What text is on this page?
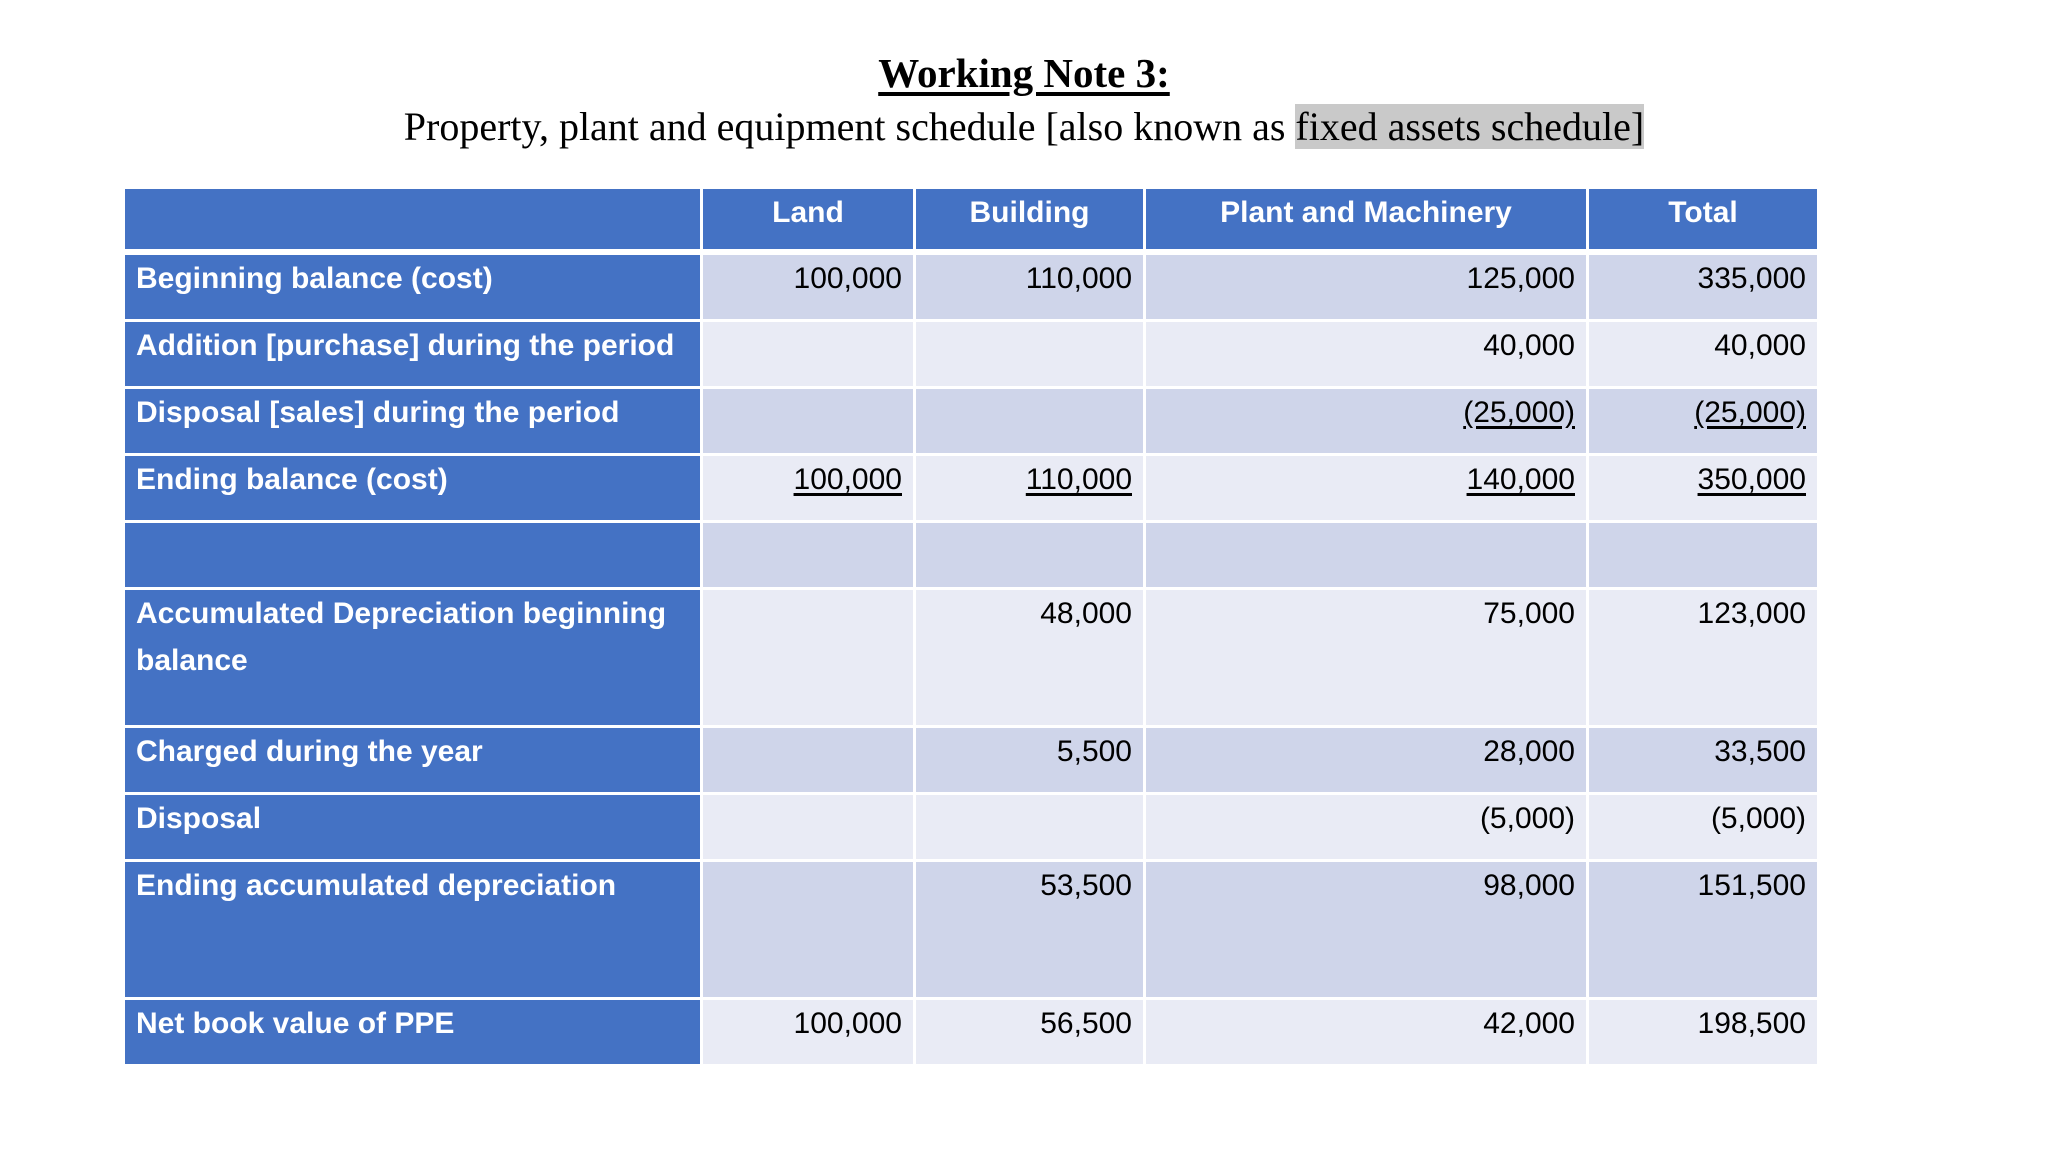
Working Note 3:
Property, plant and equipment schedule [also known as fixed assets schedule]
	Land	Building	Plant and Machinery	Total
Beginning balance (cost)	100,000	110,000	125,000	335,000
Addition [purchase] during the period			40,000	40,000
Disposal [sales] during the period			(25,000)	(25,000)
Ending balance (cost)	100,000	110,000	140,000	350,000

Accumulated Depreciation beginning balance		48,000	75,000	123,000
Charged during the year		5,500	28,000	33,500
Disposal			(5,000)	(5,000)
Ending accumulated depreciation		53,500	98,000	151,500
Net book value of PPE	100,000	56,500	42,000	198,500
